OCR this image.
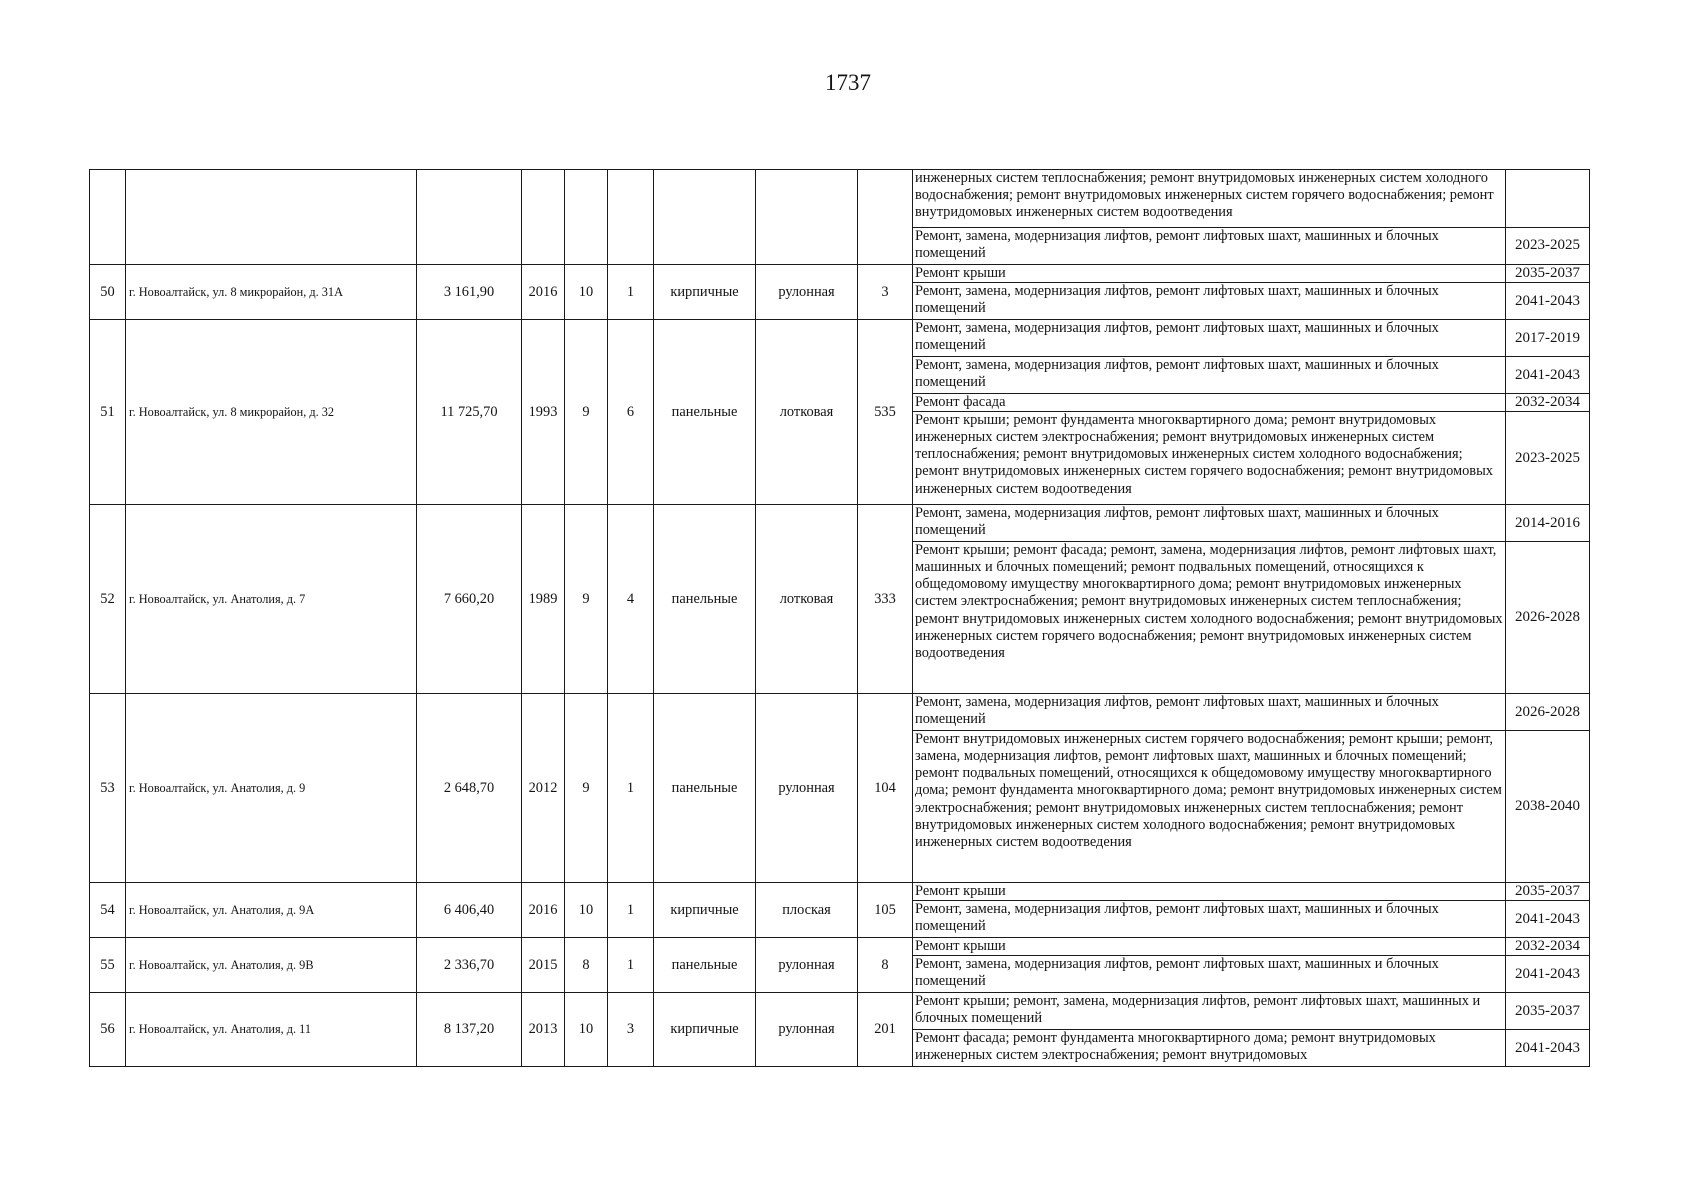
1737
									инженерных систем теплоснабжения; ремонт внутридомовых инженерных систем холодного водоснабжения; ремонт внутридомовых инженерных систем горячего водоснабжения; ремонт внутридомовых инженерных систем водоотведения	
									Ремонт, замена, модернизация лифтов, ремонт лифтовых шахт, машинных и блочных помещений	2023-2025
50	г. Новоалтайск, ул. 8 микрорайон, д. 31А	3 161,90	2016	10	1	кирпичные	рулонная	3	Ремонт крыши	2035-2037
									Ремонт, замена, модернизация лифтов, ремонт лифтовых шахт, машинных и блочных помещений	2041-2043
51	г. Новоалтайск, ул. 8 микрорайон, д. 32	11 725,70	1993	9	6	панельные	лотковая	535	Ремонт, замена, модернизация лифтов, ремонт лифтовых шахт, машинных и блочных помещений	2017-2019
									Ремонт, замена, модернизация лифтов, ремонт лифтовых шахт, машинных и блочных помещений	2041-2043
									Ремонт фасада	2032-2034
									Ремонт крыши; ремонт фундамента многоквартирного дома; ремонт внутридомовых инженерных систем электроснабжения; ремонт внутридомовых инженерных систем теплоснабжения; ремонт внутридомовых инженерных систем холодного водоснабжения; ремонт внутридомовых инженерных систем горячего водоснабжения; ремонт внутридомовых инженерных систем водоотведения	2023-2025
52	г. Новоалтайск, ул. Анатолия, д. 7	7 660,20	1989	9	4	панельные	лотковая	333	Ремонт, замена, модернизация лифтов, ремонт лифтовых шахт, машинных и блочных помещений	2014-2016
									Ремонт крыши; ремонт фасада; ремонт, замена, модернизация лифтов, ремонт лифтовых шахт, машинных и блочных помещений; ремонт подвальных помещений, относящихся к общедомовому имуществу многоквартирного дома; ремонт внутридомовых инженерных систем электроснабжения; ремонт внутридомовых инженерных систем теплоснабжения; ремонт внутридомовых инженерных систем холодного водоснабжения; ремонт внутридомовых инженерных систем горячего водоснабжения; ремонт внутридомовых инженерных систем водоотведения	2026-2028
53	г. Новоалтайск, ул. Анатолия, д. 9	2 648,70	2012	9	1	панельные	рулонная	104	Ремонт, замена, модернизация лифтов, ремонт лифтовых шахт, машинных и блочных помещений	2026-2028
									Ремонт внутридомовых инженерных систем горячего водоснабжения; ремонт крыши; ремонт, замена, модернизация лифтов, ремонт лифтовых шахт, машинных и блочных помещений; ремонт подвальных помещений, относящихся к общедомовому имуществу многоквартирного дома; ремонт фундамента многоквартирного дома; ремонт внутридомовых инженерных систем электроснабжения; ремонт внутридомовых инженерных систем теплоснабжения; ремонт внутридомовых инженерных систем холодного водоснабжения; ремонт внутридомовых инженерных систем водоотведения	2038-2040
54	г. Новоалтайск, ул. Анатолия, д. 9А	6 406,40	2016	10	1	кирпичные	плоская	105	Ремонт крыши	2035-2037
									Ремонт, замена, модернизация лифтов, ремонт лифтовых шахт, машинных и блочных помещений	2041-2043
55	г. Новоалтайск, ул. Анатолия, д. 9В	2 336,70	2015	8	1	панельные	рулонная	8	Ремонт крыши	2032-2034
									Ремонт, замена, модернизация лифтов, ремонт лифтовых шахт, машинных и блочных помещений	2041-2043
56	г. Новоалтайск, ул. Анатолия, д. 11	8 137,20	2013	10	3	кирпичные	рулонная	201	Ремонт крыши; ремонт, замена, модернизация лифтов, ремонт лифтовых шахт, машинных и блочных помещений	2035-2037
									Ремонт фасада; ремонт фундамента многоквартирного дома; ремонт внутридомовых инженерных систем электроснабжения; ремонт внутридомовых	2041-2043
